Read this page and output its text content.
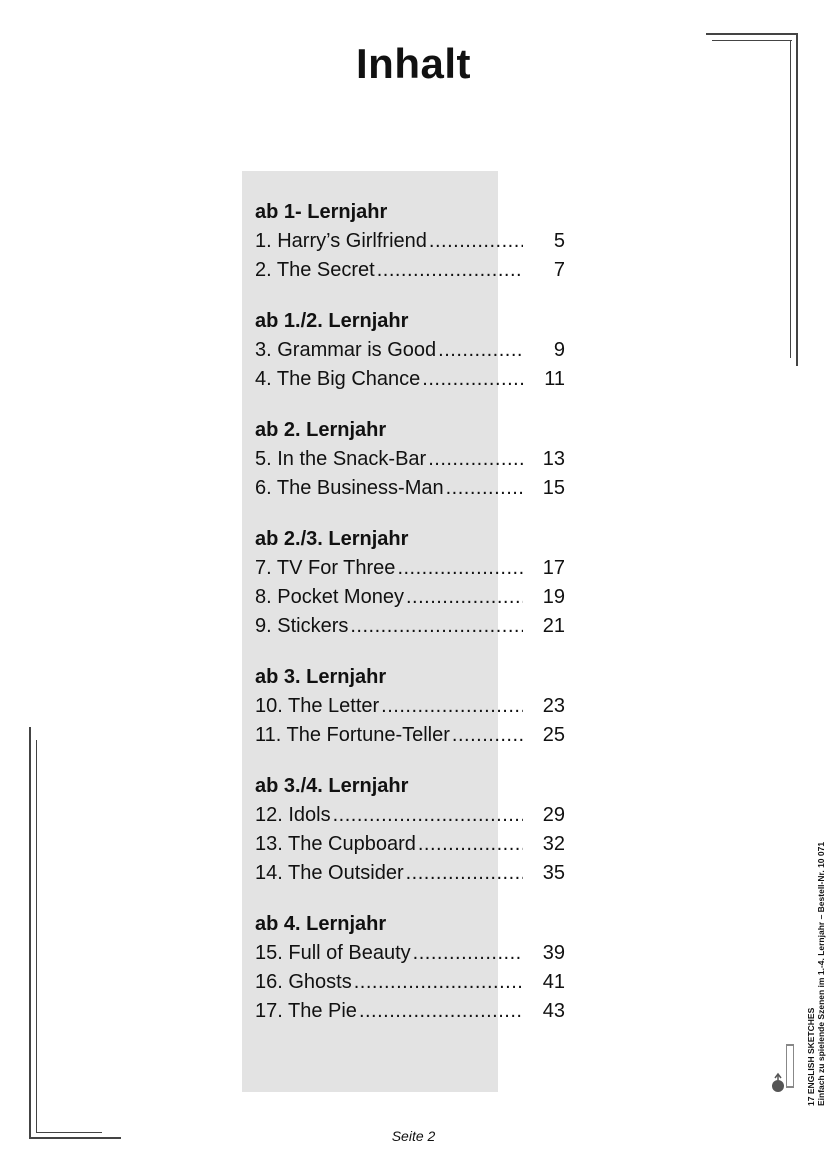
Inhalt
ab 1- Lernjahr
1. Harry’s Girlfriend .....	5
2. The Secret .....	7
ab 1./2. Lernjahr
3. Grammar is Good .....	9
4. The Big Chance .....	11
ab 2. Lernjahr
5. In the Snack-Bar .....	13
6. The Business-Man .....	15
ab 2./3. Lernjahr
7. TV For Three .....	17
8. Pocket Money .....	19
9. Stickers .....	21
ab 3. Lernjahr
10. The Letter .....	23
11. The Fortune-Teller .....	25
ab 3./4. Lernjahr
12. Idols .....	29
13. The Cupboard .....	32
14. The Outsider .....	35
ab 4. Lernjahr
15. Full of Beauty .....	39
16. Ghosts .....	41
17. The Pie .....	43
Seite 2
17 ENGLISH SKETCHES Einfach zu spielende Szenen im 1.-4. Lernjahr – Bestell-Nr. 10 071
